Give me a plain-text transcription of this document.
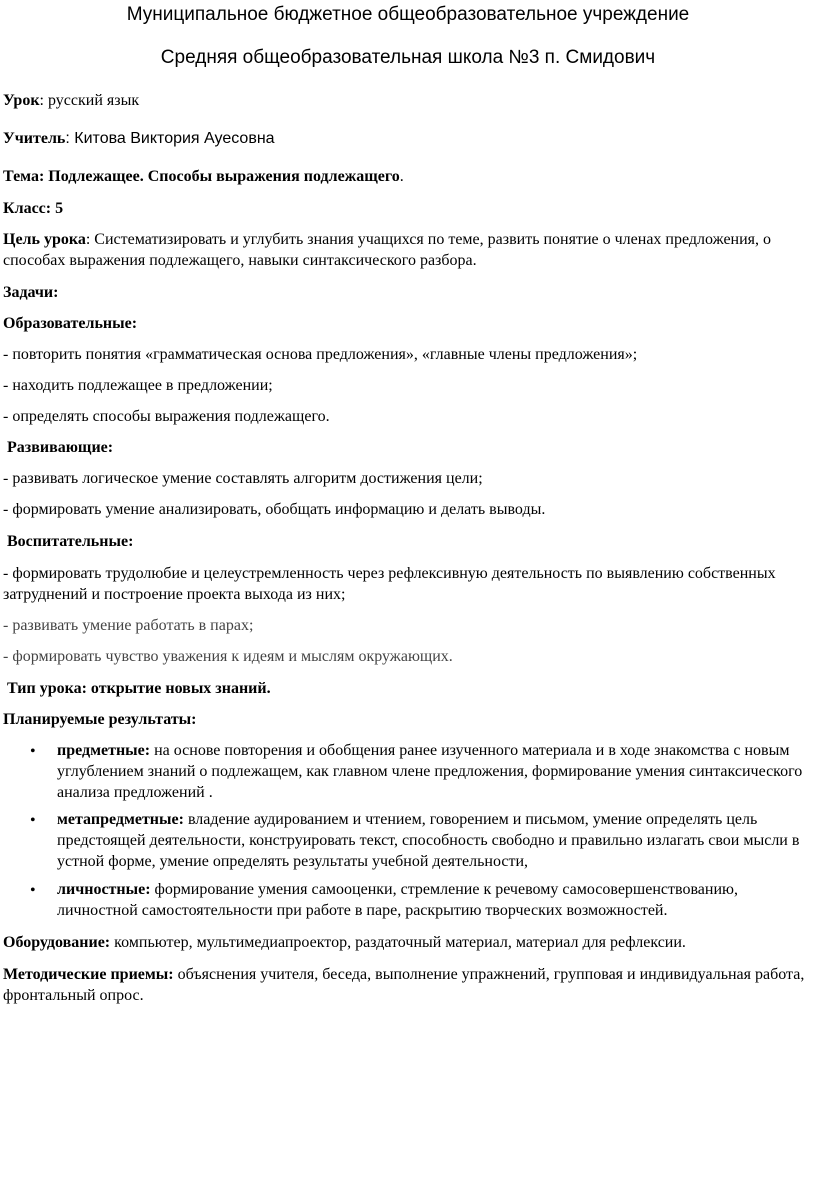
Муниципальное бюджетное общеобразовательное учреждение
Средняя общеобразовательная школа №3 п. Смидович
Урок: русский язык
Учитель: Китова Виктория Ауесовна
Тема: Подлежащее. Способы выражения подлежащего.
Класс: 5
Цель урока: Систематизировать и углубить знания учащихся по теме, развить понятие о членах предложения, о способах выражения подлежащего, навыки синтаксического разбора.
Задачи:
Образовательные:
- повторить понятия «грамматическая основа предложения», «главные члены предложения»;
- находить подлежащее в предложении;
- определять способы выражения подлежащего.
Развивающие:
- развивать логическое умение составлять алгоритм достижения цели;
- формировать умение анализировать, обобщать информацию и делать выводы.
Воспитательные:
- формировать трудолюбие и целеустремленность через рефлексивную деятельность по выявлению собственных затруднений и построение проекта выхода из них;
- развивать умение работать в парах;
- формировать чувство уважения к идеям и мыслям окружающих.
Тип урока: открытие новых знаний.
Планируемые результаты:
• предметные: на основе повторения и обобщения ранее изученного материала и в ходе знакомства с новым углублением знаний о подлежащем, как главном члене предложения, формирование умения синтаксического анализа предложений .
• метапредметные: владение аудированием и чтением, говорением и письмом, умение определять цель предстоящей деятельности, конструировать текст, способность свободно и правильно излагать свои мысли в устной форме, умение определять результаты учебной деятельности,
• личностные: формирование умения самооценки, стремление к речевому самосовершенствованию, личностной самостоятельности при работе в паре, раскрытию творческих возможностей.
Оборудование: компьютер, мультимедиапроектор, раздаточный материал, материал для рефлексии.
Методические приемы: объяснения учителя, беседа, выполнение упражнений, групповая и индивидуальная работа, фронтальный опрос.
